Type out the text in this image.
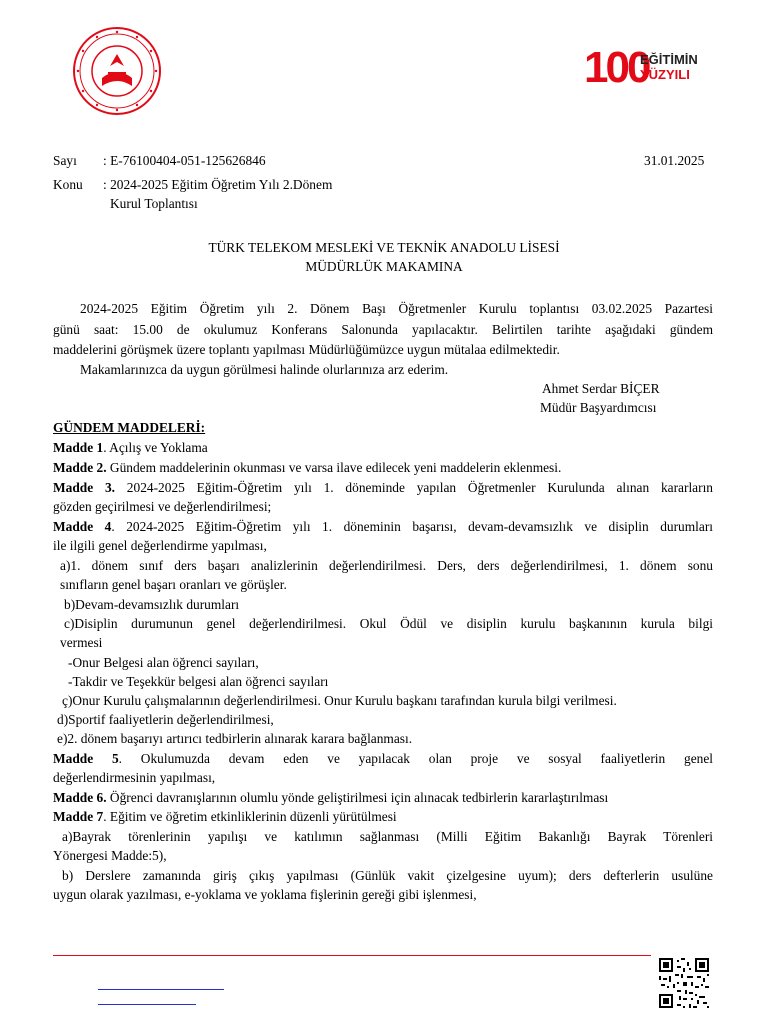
100
EĞİTİMİN
YÜZYILI
Sayı : E-76100404-051-125626846	31.01.2025
Konu : 2024-2025 Eğitim Öğretim Yılı 2.Dönem
Kurul Toplantısı
TÜRK TELEKOM MESLEKİ VE TEKNİK ANADOLU LİSESİ
MÜDÜRLÜK MAKAMINA
2024-2025 Eğitim Öğretim yılı 2. Dönem Başı Öğretmenler Kurulu toplantısı 03.02.2025 Pazartesi
günü saat: 15.00 de okulumuz Konferans Salonunda yapılacaktır. Belirtilen tarihte aşağıdaki gündem
maddelerini görüşmek üzere toplantı yapılması Müdürlüğümüzce uygun mütalaa edilmektedir.
Makamlarınızca da uygun görülmesi halinde olurlarınıza arz ederim.
Ahmet Serdar BİÇER
Müdür Başyardımcısı
GÜNDEM MADDELERİ:
Madde 1. Açılış ve Yoklama
Madde 2. Gündem maddelerinin okunması ve varsa ilave edilecek yeni maddelerin eklenmesi.
Madde 3. 2024-2025 Eğitim-Öğretim yılı 1. döneminde yapılan Öğretmenler Kurulunda alınan kararların
gözden geçirilmesi ve değerlendirilmesi;
Madde 4. 2024-2025 Eğitim-Öğretim yılı 1. döneminin başarısı, devam-devamsızlık ve disiplin durumları
ile ilgili genel değerlendirme yapılması,
a)1. dönem sınıf ders başarı analizlerinin değerlendirilmesi. Ders, ders değerlendirilmesi, 1. dönem sonu
sınıfların genel başarı oranları ve görüşler.
b)Devam-devamsızlık durumları
c)Disiplin durumunun genel değerlendirilmesi. Okul Ödül ve disiplin kurulu başkanının kurula bilgi
vermesi
-Onur Belgesi alan öğrenci sayıları,
-Takdir ve Teşekkür belgesi alan öğrenci sayıları
ç)Onur Kurulu çalışmalarının değerlendirilmesi. Onur Kurulu başkanı tarafından kurula bilgi verilmesi.
d)Sportif faaliyetlerin değerlendirilmesi,
e)2. dönem başarıyı artırıcı tedbirlerin alınarak karara bağlanması.
Madde 5. Okulumuzda devam eden ve yapılacak olan proje ve sosyal faaliyetlerin genel
değerlendirmesinin yapılması,
Madde 6. Öğrenci davranışlarının olumlu yönde geliştirilmesi için alınacak tedbirlerin kararlaştırılması
Madde 7. Eğitim ve öğretim etkinliklerinin düzenli yürütülmesi
a)Bayrak törenlerinin yapılışı ve katılımın sağlanması (Milli Eğitim Bakanlığı Bayrak Törenleri
Yönergesi Madde:5),
b) Derslere zamanında giriş çıkış yapılması (Günlük vakit çizelgesine uyum); ders defterlerin usulüne
uygun olarak yazılması, e-yoklama ve yoklama fişlerinin gereği gibi işlenmesi,
